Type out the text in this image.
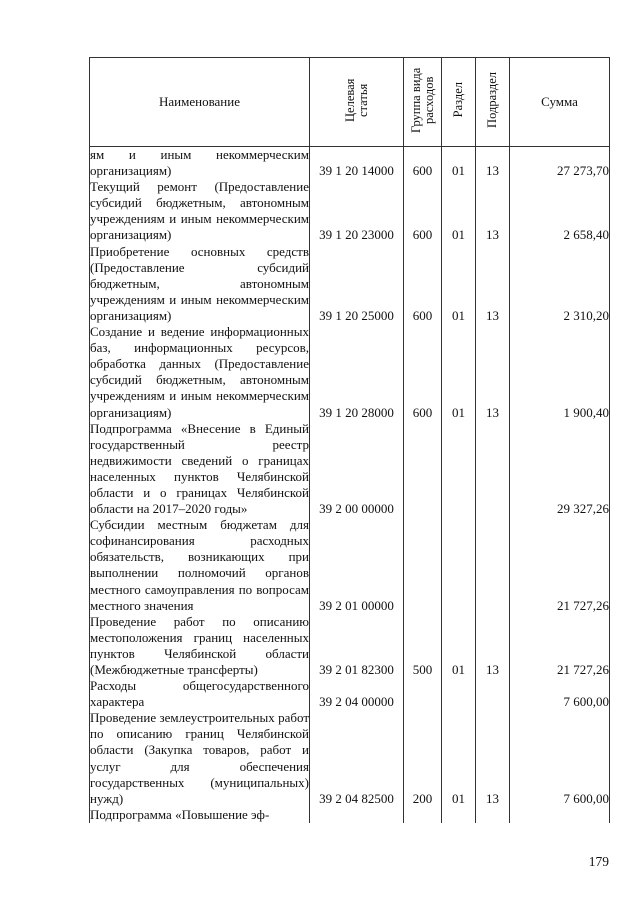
Наименование	Целевая статья	Группа вида расходов	Раздел	Подраздел	Сумма
ям и иным некоммерческим организациям)	39 1 20 14000	600	01	13	27 273,70
Текущий ремонт (Предоставление субсидий бюджетным, автономным учреждениям и иным некоммерческим организациям)	39 1 20 23000	600	01	13	2 658,40
Приобретение основных средств (Предоставление субсидий бюджетным, автономным учреждениям и иным некоммерческим организациям)	39 1 20 25000	600	01	13	2 310,20
Создание и ведение информационных баз, информационных ресурсов, обработка данных (Предоставление субсидий бюджетным, автономным учреждениям и иным некоммерческим организациям)	39 1 20 28000	600	01	13	1 900,40
Подпрограмма «Внесение в Единый государственный реестр недвижимости сведений о границах населенных пунктов Челябинской области и о границах Челябинской области на 2017–2020 годы»	39 2 00 00000				29 327,26
Субсидии местным бюджетам для софинансирования расходных обязательств, возникающих при выполнении полномочий органов местного самоуправления по вопросам местного значения	39 2 01 00000				21 727,26
Проведение работ по описанию местоположения границ населенных пунктов Челябинской области (Межбюджетные трансферты)	39 2 01 82300	500	01	13	21 727,26
Расходы общегосударственного характера	39 2 04 00000				7 600,00
Проведение землеустроительных работ по описанию границ Челябинской области (Закупка товаров, работ и услуг для обеспечения государственных (муниципальных) нужд)	39 2 04 82500	200	01	13	7 600,00
Подпрограмма «Повышение эф-					
179
